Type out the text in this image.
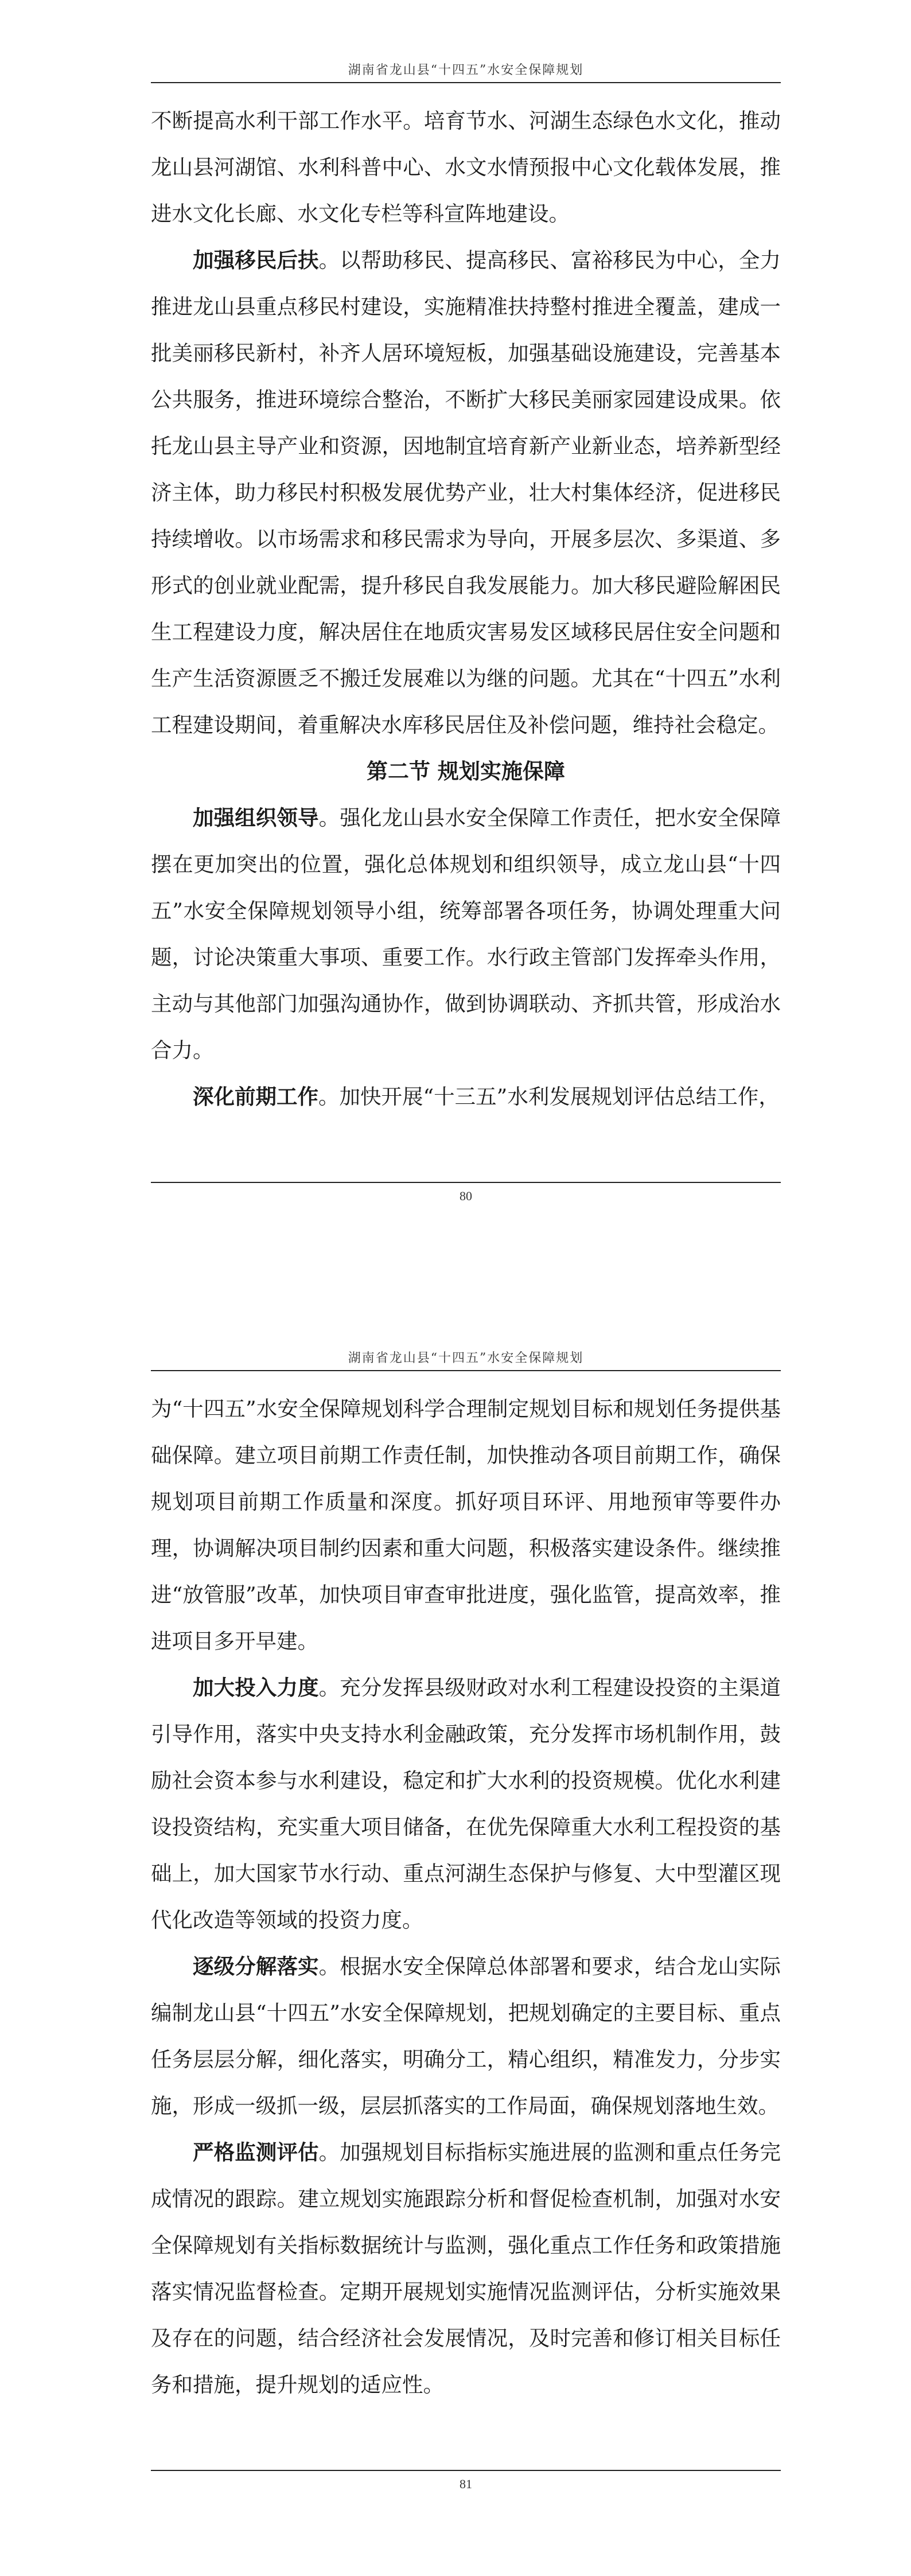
湖南省龙山县“十四五”水安全保障规划

不断提高水利干部工作水平。培育节水、河湖生态绿色水文化，推动龙山县河湖馆、水利科普中心、水文水情预报中心文化载体发展，推进水文化长廊、水文化专栏等科宣阵地建设。

加强移民后扶。以帮助移民、提高移民、富裕移民为中心，全力推进龙山县重点移民村建设，实施精准扶持整村推进全覆盖，建成一批美丽移民新村，补齐人居环境短板，加强基础设施建设，完善基本公共服务，推进环境综合整治，不断扩大移民美丽家园建设成果。依托龙山县主导产业和资源，因地制宜培育新产业新业态，培养新型经济主体，助力移民村积极发展优势产业，壮大村集体经济，促进移民持续增收。以市场需求和移民需求为导向，开展多层次、多渠道、多形式的创业就业配需，提升移民自我发展能力。加大移民避险解困民生工程建设力度，解决居住在地质灾害易发区域移民居住安全问题和生产生活资源匮乏不搬迁发展难以为继的问题。尤其在“十四五”水利工程建设期间，着重解决水库移民居住及补偿问题，维持社会稳定。

第二节 规划实施保障

加强组织领导。强化龙山县水安全保障工作责任，把水安全保障摆在更加突出的位置，强化总体规划和组织领导，成立龙山县“十四五”水安全保障规划领导小组，统筹部署各项任务，协调处理重大问题，讨论决策重大事项、重要工作。水行政主管部门发挥牵头作用，主动与其他部门加强沟通协作，做到协调联动、齐抓共管，形成治水合力。

深化前期工作。加快开展“十三五”水利发展规划评估总结工作，

80
湖南省龙山县“十四五”水安全保障规划

为“十四五”水安全保障规划科学合理制定规划目标和规划任务提供基础保障。建立项目前期工作责任制，加快推动各项目前期工作，确保规划项目前期工作质量和深度。抓好项目环评、用地预审等要件办理，协调解决项目制约因素和重大问题，积极落实建设条件。继续推进“放管服”改革，加快项目审查审批进度，强化监管，提高效率，推进项目多开早建。

加大投入力度。充分发挥县级财政对水利工程建设投资的主渠道引导作用，落实中央支持水利金融政策，充分发挥市场机制作用，鼓励社会资本参与水利建设，稳定和扩大水利的投资规模。优化水利建设投资结构，充实重大项目储备，在优先保障重大水利工程投资的基础上，加大国家节水行动、重点河湖生态保护与修复、大中型灌区现代化改造等领域的投资力度。

逐级分解落实。根据水安全保障总体部署和要求，结合龙山实际编制龙山县“十四五”水安全保障规划，把规划确定的主要目标、重点任务层层分解，细化落实，明确分工，精心组织，精准发力，分步实施，形成一级抓一级，层层抓落实的工作局面，确保规划落地生效。

严格监测评估。加强规划目标指标实施进展的监测和重点任务完成情况的跟踪。建立规划实施跟踪分析和督促检查机制，加强对水安全保障规划有关指标数据统计与监测，强化重点工作任务和政策措施落实情况监督检查。定期开展规划实施情况监测评估，分析实施效果及存在的问题，结合经济社会发展情况，及时完善和修订相关目标任务和措施，提升规划的适应性。

81
